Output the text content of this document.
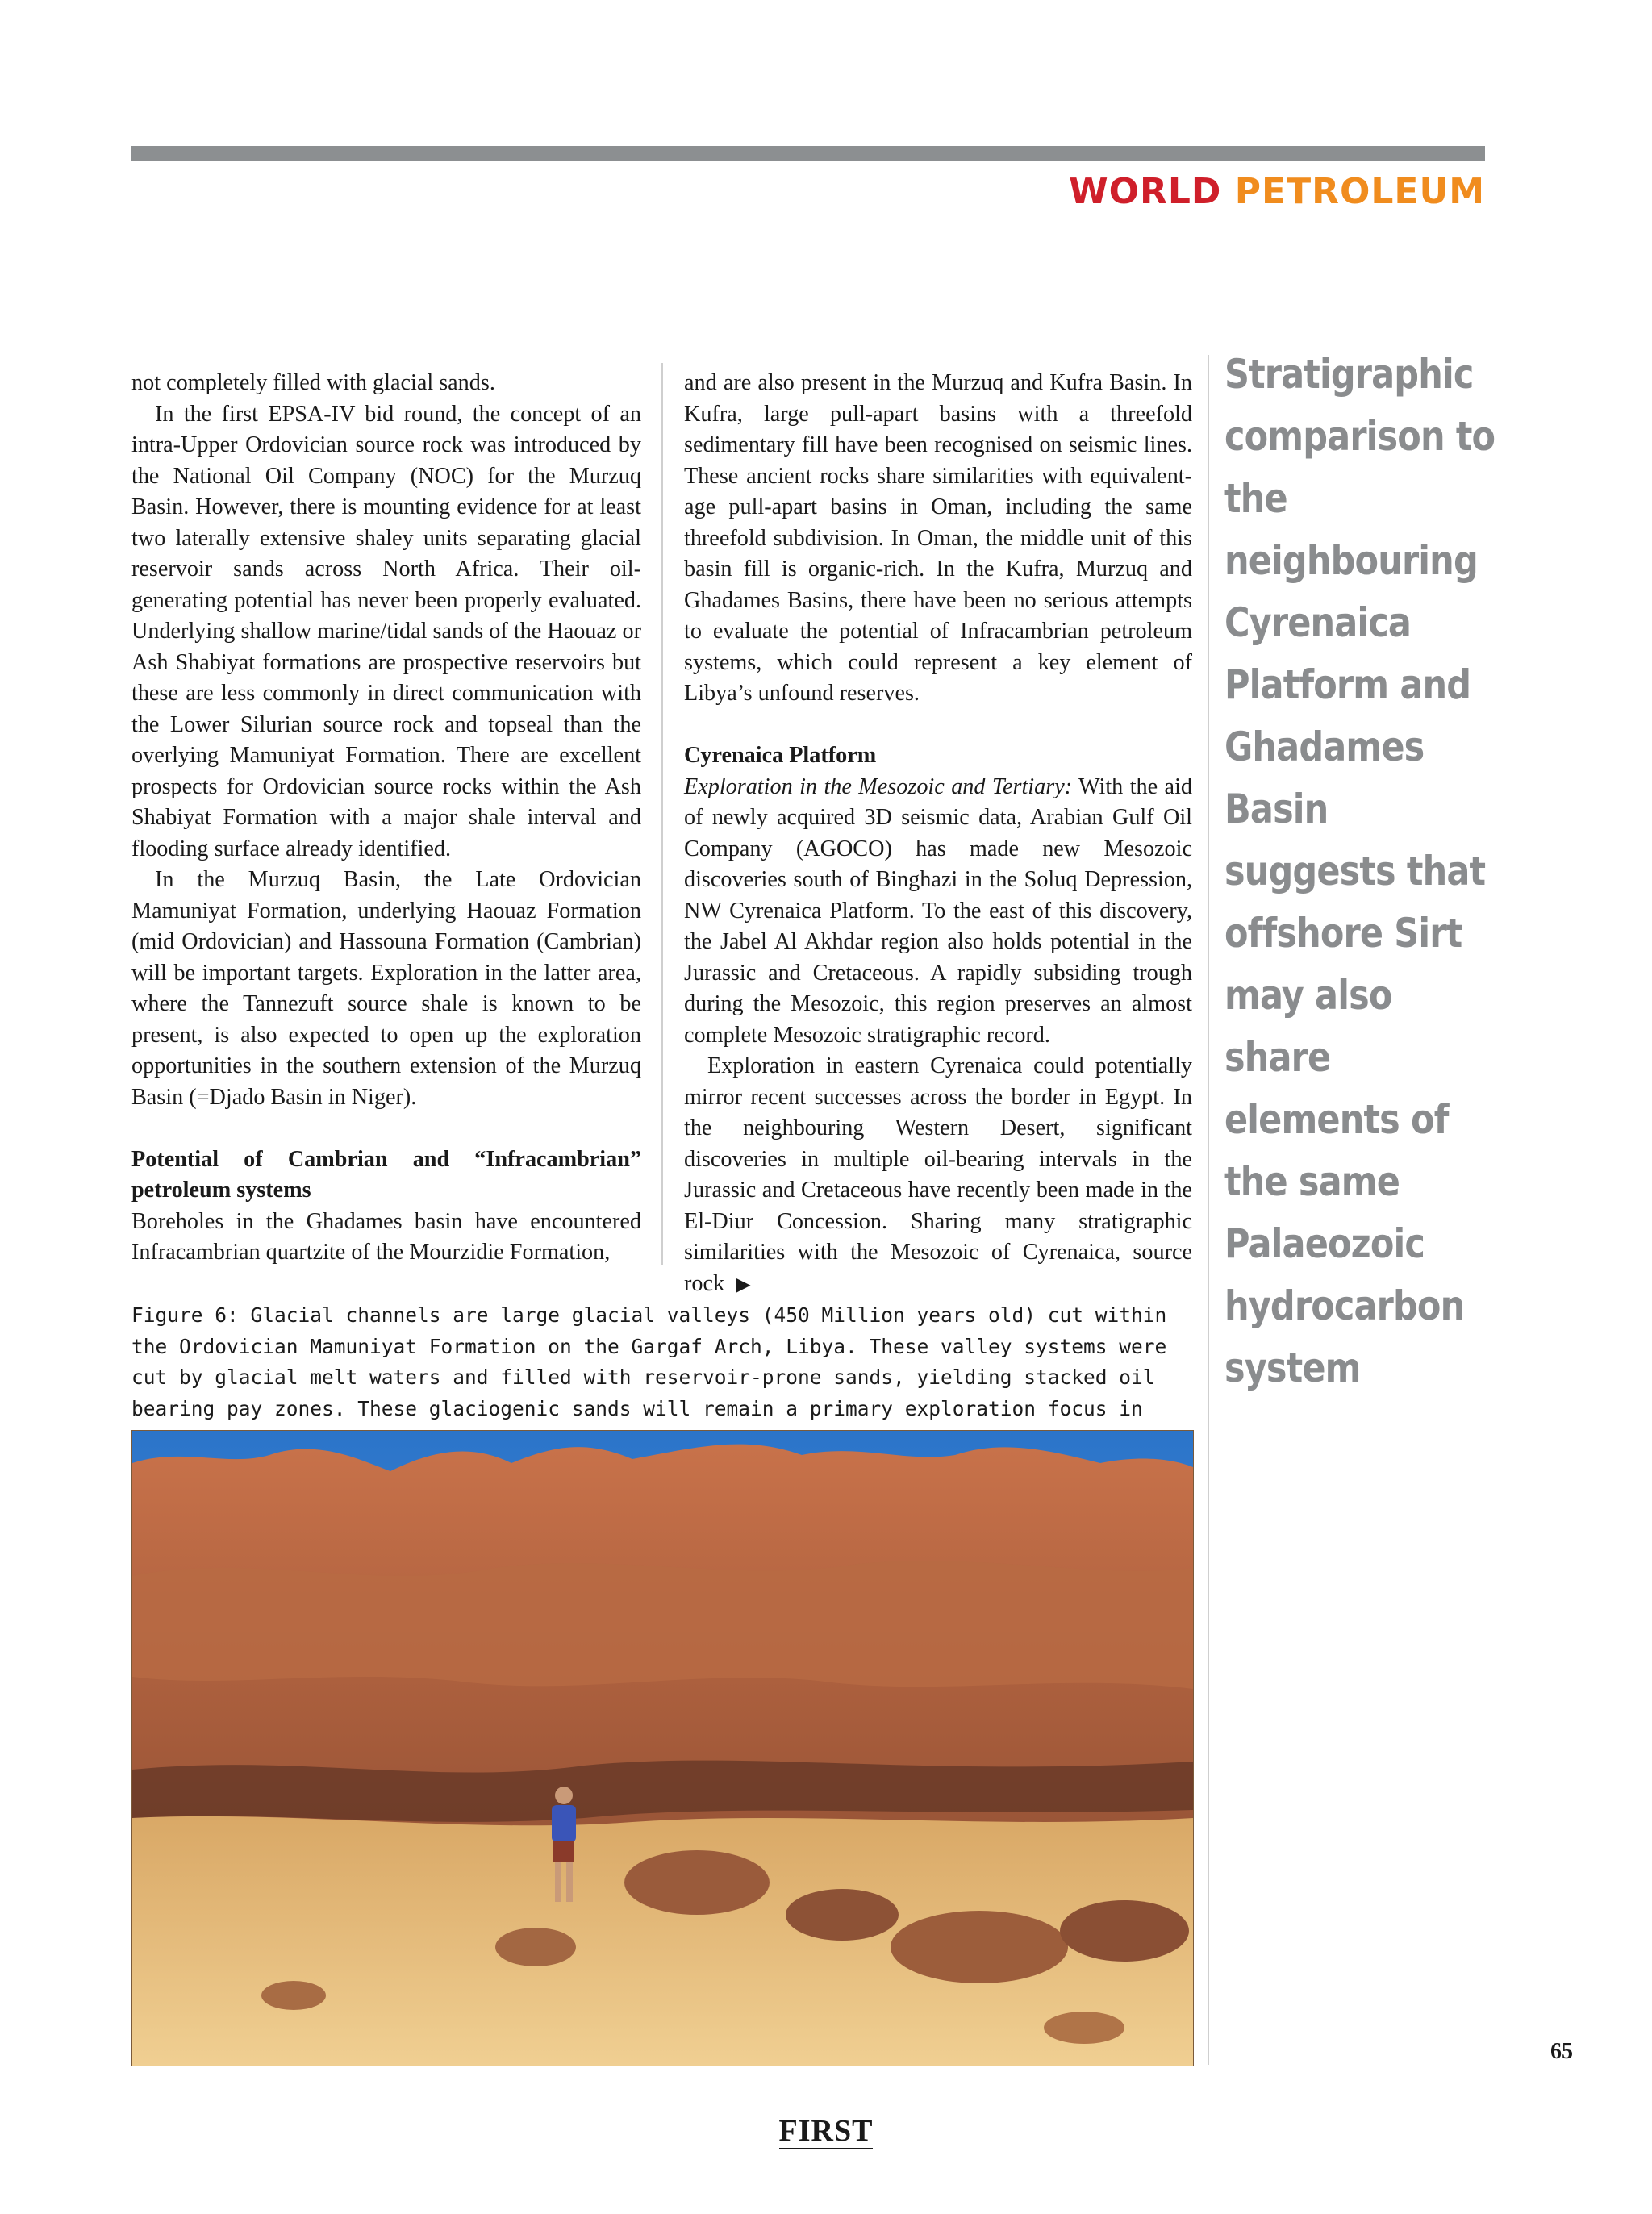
WORLD PETROLEUM

not completely filled with glacial sands.

In the first EPSA-IV bid round, the concept of an intra-Upper Ordovician source rock was introduced by the National Oil Company (NOC) for the Murzuq Basin. However, there is mounting evidence for at least two laterally extensive shaley units separating glacial reservoir sands across North Africa. Their oil-generating potential has never been properly evaluated. Underlying shallow marine/tidal sands of the Haouaz or Ash Shabiyat formations are prospective reservoirs but these are less commonly in direct communication with the Lower Silurian source rock and topseal than the overlying Mamuniyat Formation. There are excellent prospects for Ordovician source rocks within the Ash Shabiyat Formation with a major shale interval and flooding surface already identified.

In the Murzuq Basin, the Late Ordovician Mamuniyat Formation, underlying Haouaz Formation (mid Ordovician) and Hassouna Formation (Cambrian) will be important targets. Exploration in the latter area, where the Tannezuft source shale is known to be present, is also expected to open up the exploration opportunities in the southern extension of the Murzuq Basin (=Djado Basin in Niger).

Potential of Cambrian and “Infracambrian” petroleum systems

Boreholes in the Ghadames basin have encountered Infracambrian quartzite of the Mourzidie Formation,

and are also present in the Murzuq and Kufra Basin. In Kufra, large pull-apart basins with a threefold sedimentary fill have been recognised on seismic lines. These ancient rocks share similarities with equivalent-age pull-apart basins in Oman, including the same threefold subdivision. In Oman, the middle unit of this basin fill is organic-rich. In the Kufra, Murzuq and Ghadames Basins, there have been no serious attempts to evaluate the potential of Infracambrian petroleum systems, which could represent a key element of Libya’s unfound reserves.

Cyrenaica Platform

Exploration in the Mesozoic and Tertiary: With the aid of newly acquired 3D seismic data, Arabian Gulf Oil Company (AGOCO) has made new Mesozoic discoveries south of Binghazi in the Soluq Depression, NW Cyrenaica Platform. To the east of this discovery, the Jabel Al Akhdar region also holds potential in the Jurassic and Cretaceous. A rapidly subsiding trough during the Mesozoic, this region preserves an almost complete Mesozoic stratigraphic record.

Exploration in eastern Cyrenaica could potentially mirror recent successes across the border in Egypt. In the neighbouring Western Desert, significant discoveries in multiple oil-bearing intervals in the Jurassic and Cretaceous have recently been made in the El-Diur Concession. Sharing many stratigraphic similarities with the Mesozoic of Cyrenaica, source rock ▶

Stratigraphic comparison to the neighbouring Cyrenaica Platform and Ghadames Basin suggests that offshore Sirt may also share elements of the same Palaeozoic hydrocarbon system
Figure 6: Glacial channels are large glacial valleys (450 Million years old) cut within the Ordovician Mamuniyat Formation on the Gargaf Arch, Libya. These valley systems were cut by glacial melt waters and filled with reservoir-prone sands, yielding stacked oil bearing pay zones. These glaciogenic sands will remain a primary exploration focus in
65
FIRST
